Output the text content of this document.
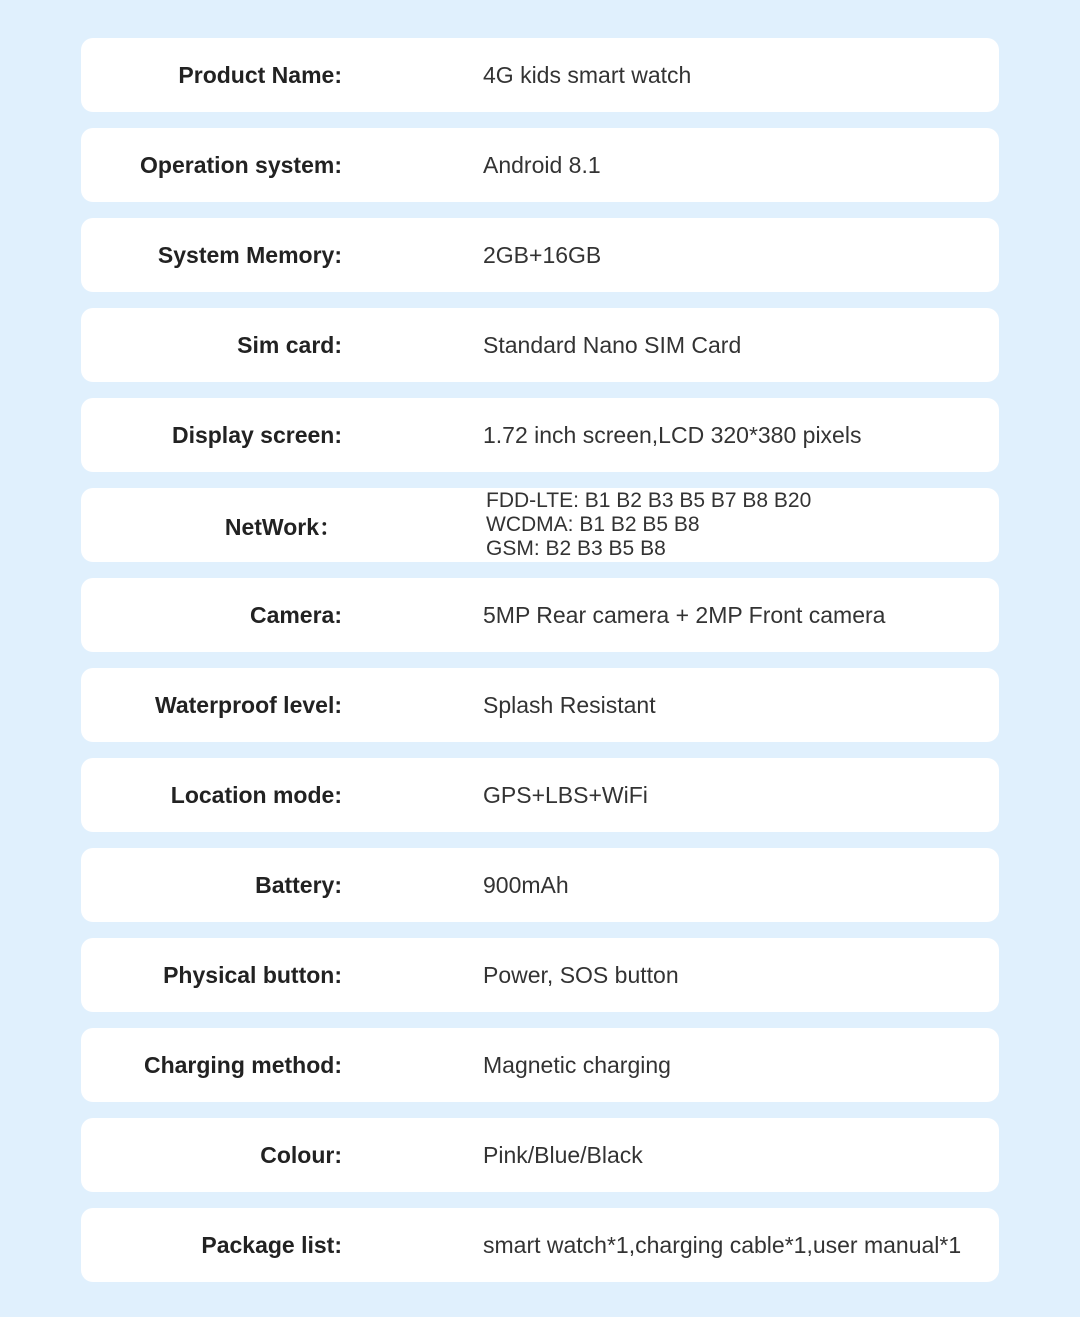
Product Name:	4G kids smart watch
Operation system:	Android 8.1
System Memory:	2GB+16GB
Sim card:	Standard Nano SIM Card
Display screen:	1.72 inch screen,LCD 320*380 pixels
NetWork：
FDD-LTE: B1 B2 B3 B5 B7 B8 B20
WCDMA: B1 B2 B5 B8
GSM: B2 B3 B5 B8
Camera:	5MP Rear camera + 2MP Front camera
Waterproof level:	Splash Resistant
Location mode:	GPS+LBS+WiFi
Battery:	900mAh
Physical button:	Power, SOS button
Charging method:	Magnetic charging
Colour:	Pink/Blue/Black
Package list:	smart watch*1,charging cable*1,user manual*1
